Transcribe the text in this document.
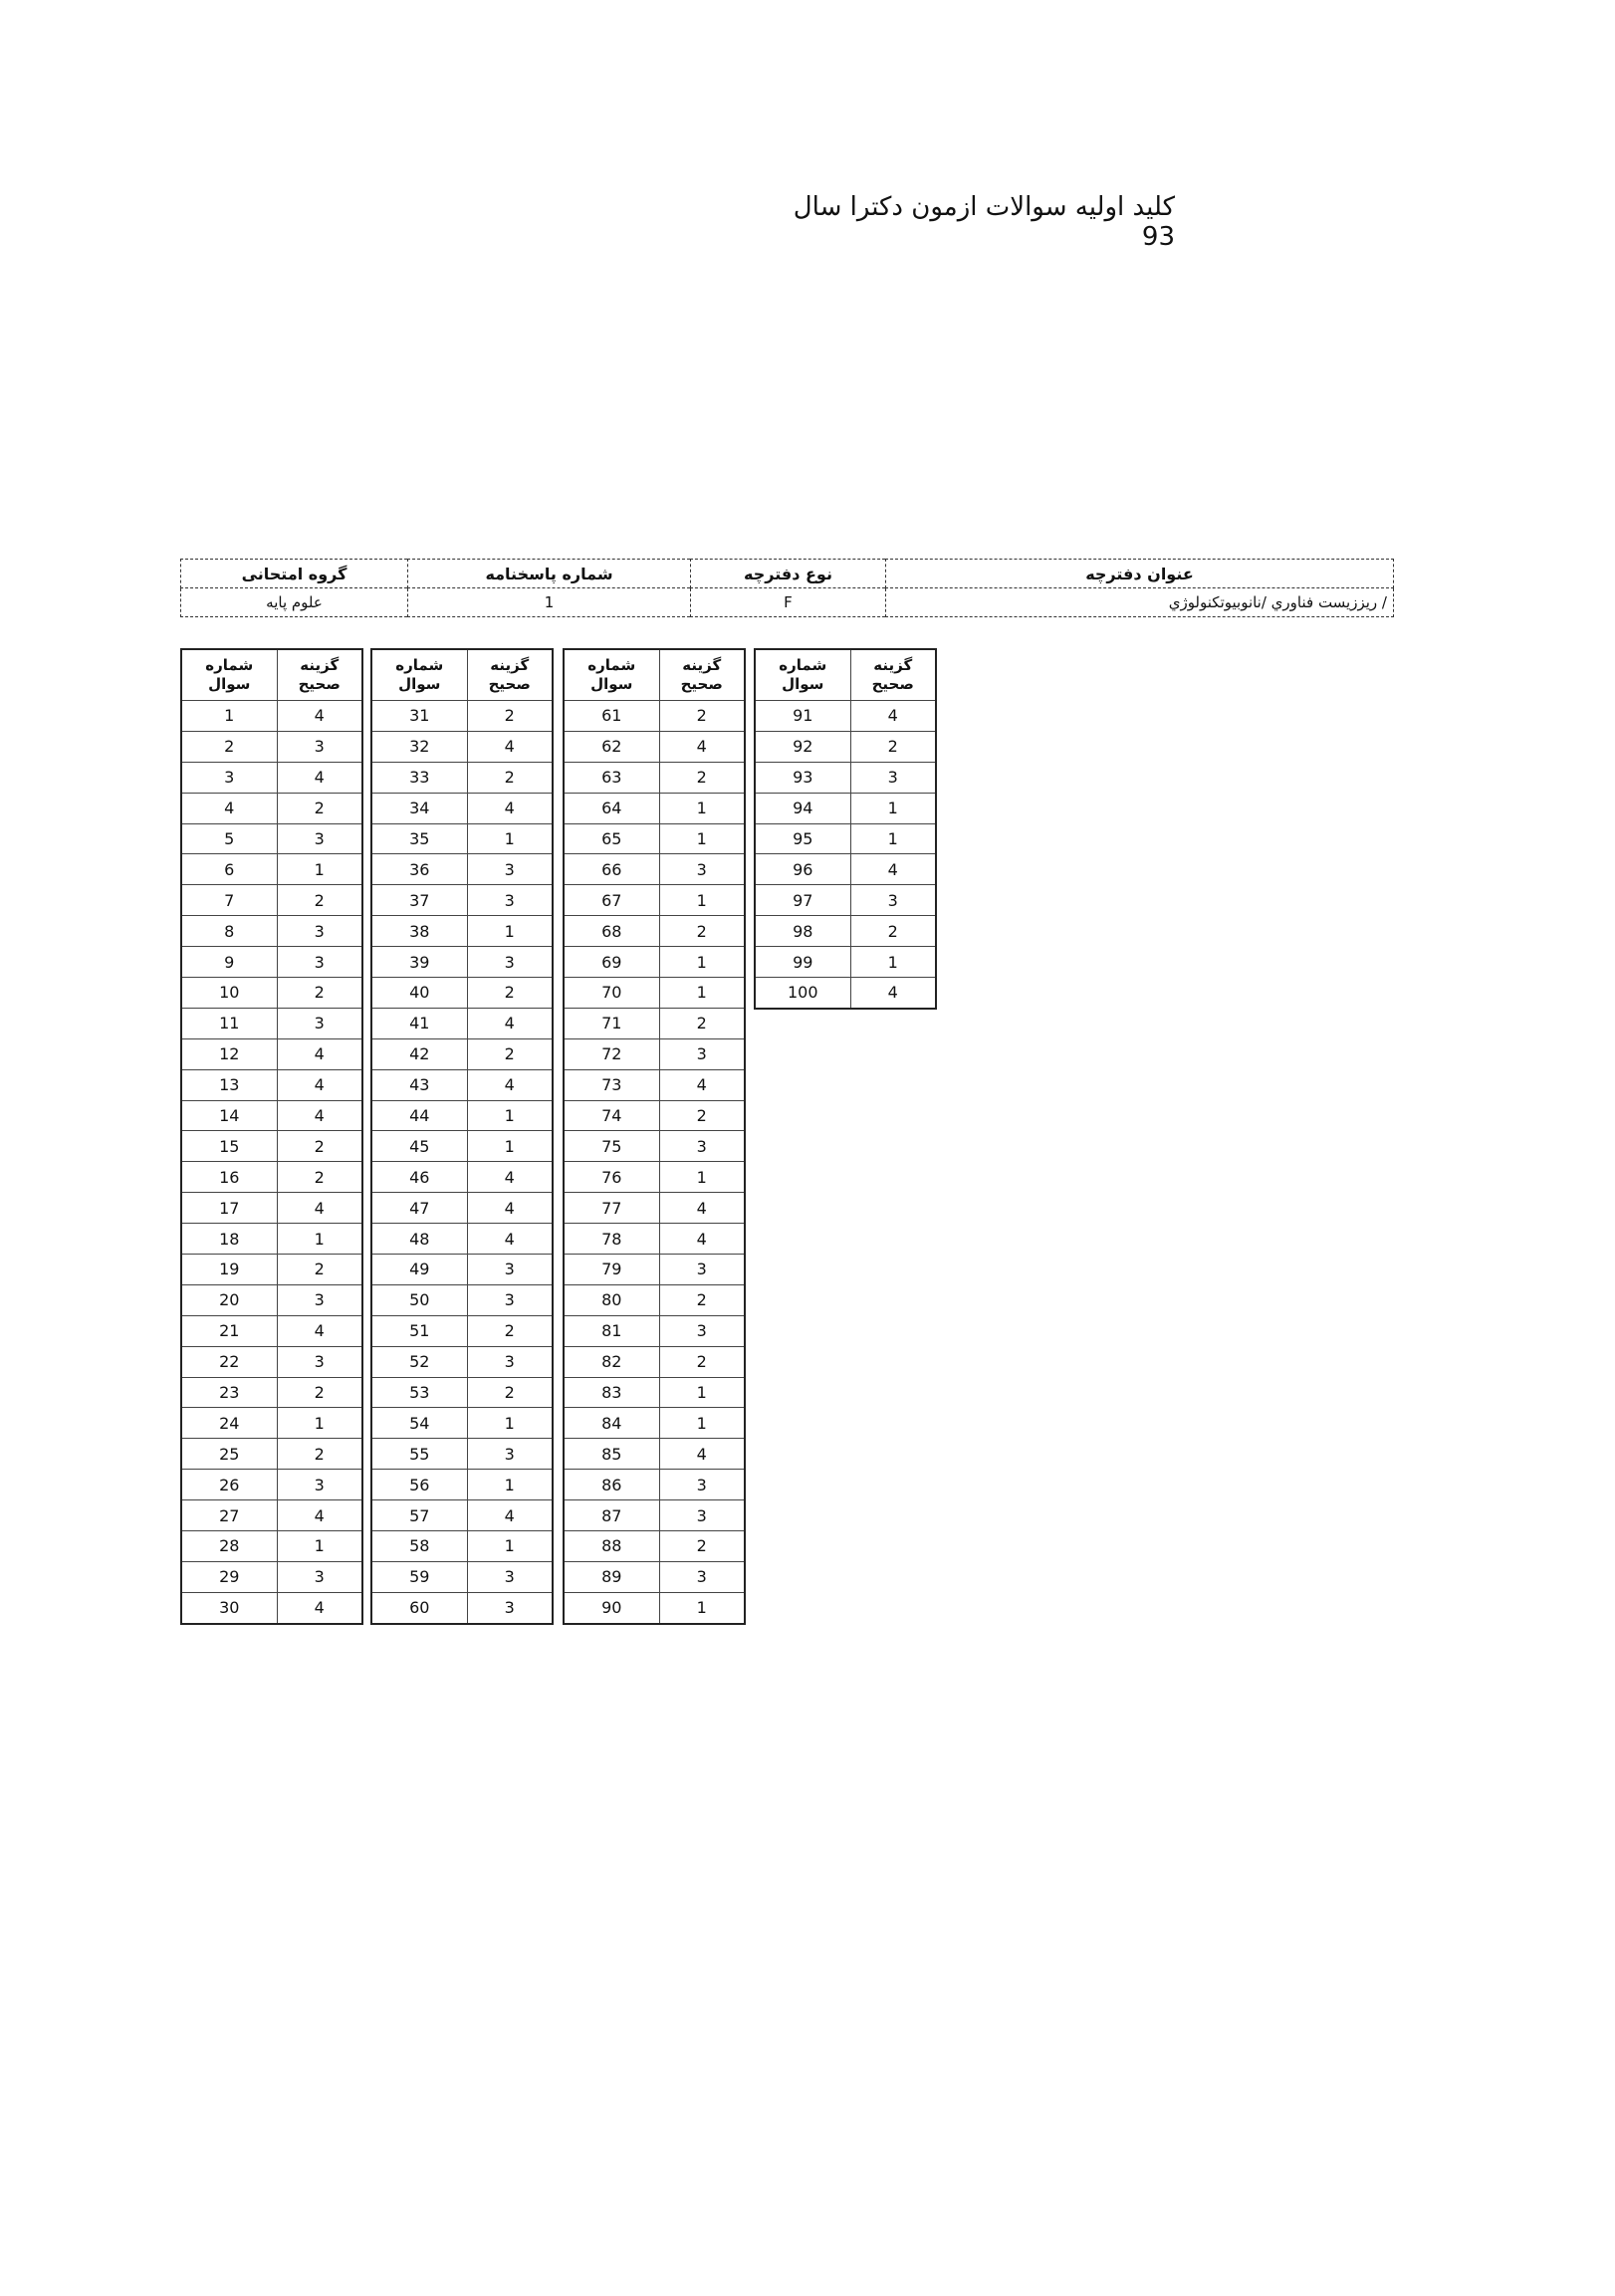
کلید اولیه سوالات ازمون دکترا سال 93
عنوان دفترچه	نوع دفترچه	شماره پاسخنامه	گروه امتحانی
/ ريززيست فناوري /نانوبيوتكنولوژي	F	1	علوم پایه
شماره سوال	گزینه صحیح
1	4
2	3
3	4
4	2
5	3
6	1
7	2
8	3
9	3
10	2
11	3
12	4
13	4
14	4
15	2
16	2
17	4
18	1
19	2
20	3
21	4
22	3
23	2
24	1
25	2
26	3
27	4
28	1
29	3
30	4
شماره سوال	گزینه صحیح
31	2
32	4
33	2
34	4
35	1
36	3
37	3
38	1
39	3
40	2
41	4
42	2
43	4
44	1
45	1
46	4
47	4
48	4
49	3
50	3
51	2
52	3
53	2
54	1
55	3
56	1
57	4
58	1
59	3
60	3
شماره سوال	گزینه صحیح
61	2
62	4
63	2
64	1
65	1
66	3
67	1
68	2
69	1
70	1
71	2
72	3
73	4
74	2
75	3
76	1
77	4
78	4
79	3
80	2
81	3
82	2
83	1
84	1
85	4
86	3
87	3
88	2
89	3
90	1
شماره سوال	گزینه صحیح
91	4
92	2
93	3
94	1
95	1
96	4
97	3
98	2
99	1
100	4
